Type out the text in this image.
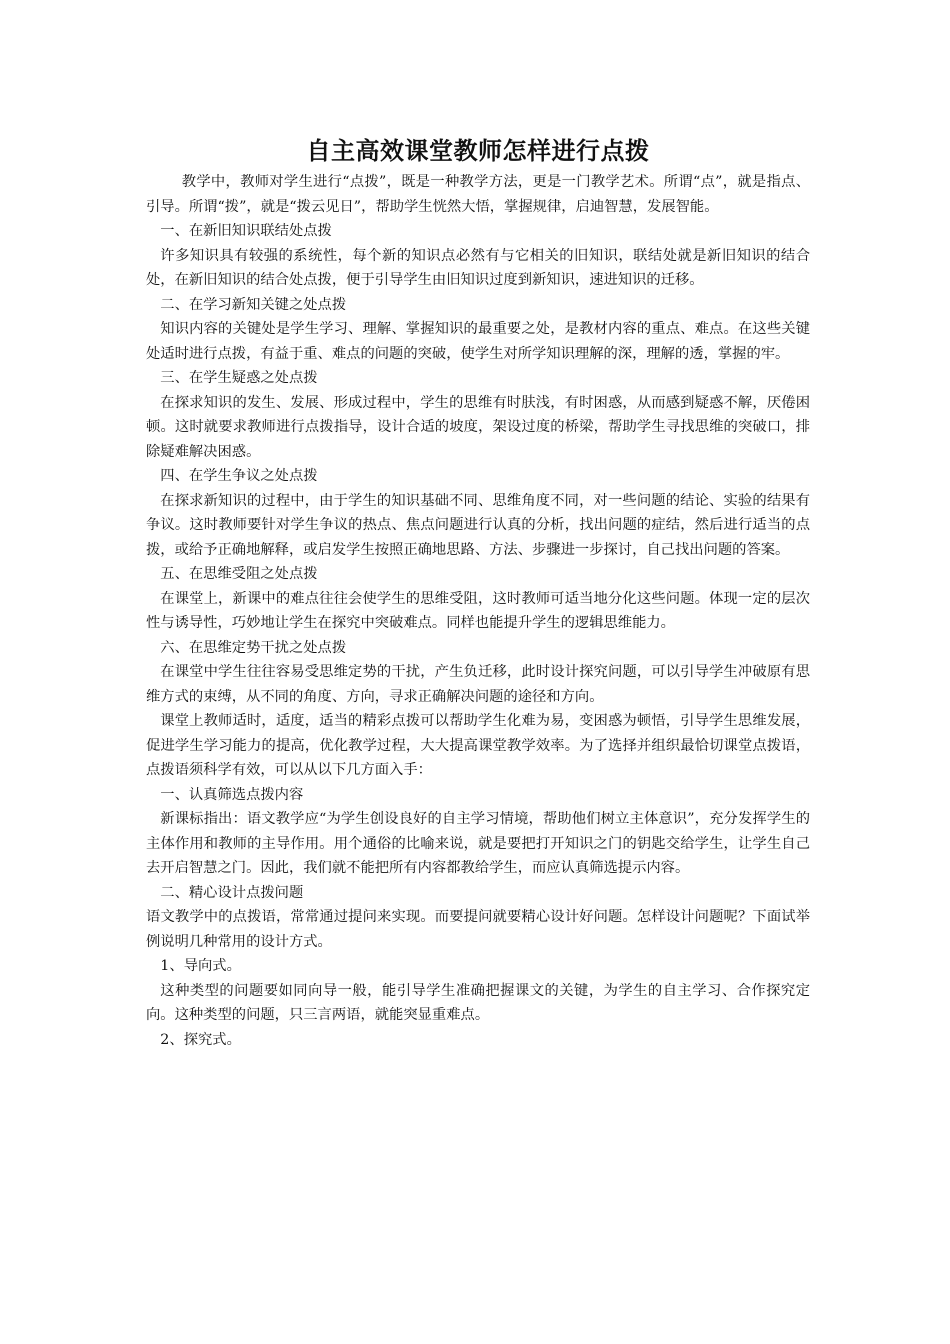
自主高效课堂教师怎样进行点拨

教学中，教师对学生进行“点拨”，既是一种教学方法，更是一门教学艺术。所谓“点”，就是指点、引导。所谓“拨”，就是“拨云见日”，帮助学生恍然大悟，掌握规律，启迪智慧，发展智能。

一、在新旧知识联结处点拨

许多知识具有较强的系统性，每个新的知识点必然有与它相关的旧知识，联结处就是新旧知识的结合处，在新旧知识的结合处点拨，便于引导学生由旧知识过度到新知识，速进知识的迁移。

二、在学习新知关键之处点拨

知识内容的关键处是学生学习、理解、掌握知识的最重要之处，是教材内容的重点、难点。在这些关键处适时进行点拨，有益于重、难点的问题的突破，使学生对所学知识理解的深，理解的透，掌握的牢。

三、在学生疑惑之处点拨

在探求知识的发生、发展、形成过程中，学生的思维有时肤浅，有时困惑，从而感到疑惑不解，厌倦困顿。这时就要求教师进行点拨指导，设计合适的坡度，架设过度的桥梁，帮助学生寻找思维的突破口，排除疑难解决困惑。

四、在学生争议之处点拨

在探求新知识的过程中，由于学生的知识基础不同、思维角度不同，对一些问题的结论、实验的结果有争议。这时教师要针对学生争议的热点、焦点问题进行认真的分析，找出问题的症结，然后进行适当的点拨，或给予正确地解释，或启发学生按照正确地思路、方法、步骤进一步探讨，自己找出问题的答案。

五、在思维受阻之处点拨

在课堂上，新课中的难点往往会使学生的思维受阻，这时教师可适当地分化这些问题。体现一定的层次性与诱导性，巧妙地让学生在探究中突破难点。同样也能提升学生的逻辑思维能力。

六、在思维定势干扰之处点拨

在课堂中学生往往容易受思维定势的干扰，产生负迁移，此时设计探究问题，可以引导学生冲破原有思维方式的束缚，从不同的角度、方向，寻求正确解决问题的途径和方向。

课堂上教师适时，适度，适当的精彩点拨可以帮助学生化难为易，变困惑为顿悟，引导学生思维发展，促进学生学习能力的提高，优化教学过程，大大提高课堂教学效率。为了选择并组织最恰切课堂点拨语，点拨语须科学有效，可以从以下几方面入手：

一、认真筛选点拨内容

新课标指出：语文教学应“为学生创设良好的自主学习情境，帮助他们树立主体意识”，充分发挥学生的主体作用和教师的主导作用。用个通俗的比喻来说，就是要把打开知识之门的钥匙交给学生，让学生自己去开启智慧之门。因此，我们就不能把所有内容都教给学生，而应认真筛选提示内容。

二、精心设计点拨问题

语文教学中的点拨语，常常通过提问来实现。而要提问就要精心设计好问题。怎样设计问题呢？下面试举例说明几种常用的设计方式。

1、导向式。

这种类型的问题要如同向导一般，能引导学生准确把握课文的关键，为学生的自主学习、合作探究定向。这种类型的问题，只三言两语，就能突显重难点。

2、探究式。
